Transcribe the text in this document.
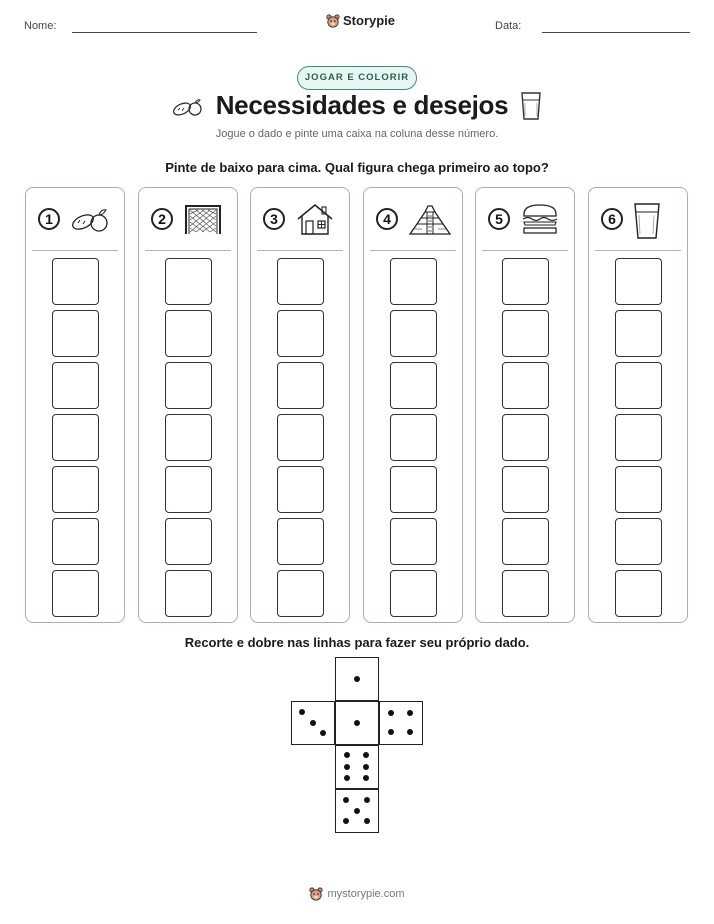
Nome:	Storypie	Data:
JOGAR E COLORIR
Necessidades e desejos
Jogue o dado e pinte uma caixa na coluna desse número.
Pinte de baixo para cima. Qual figura chega primeiro ao topo?
1	2	3	4	5	6
Recorte e dobre nas linhas para fazer seu próprio dado.
mystorypie.com
